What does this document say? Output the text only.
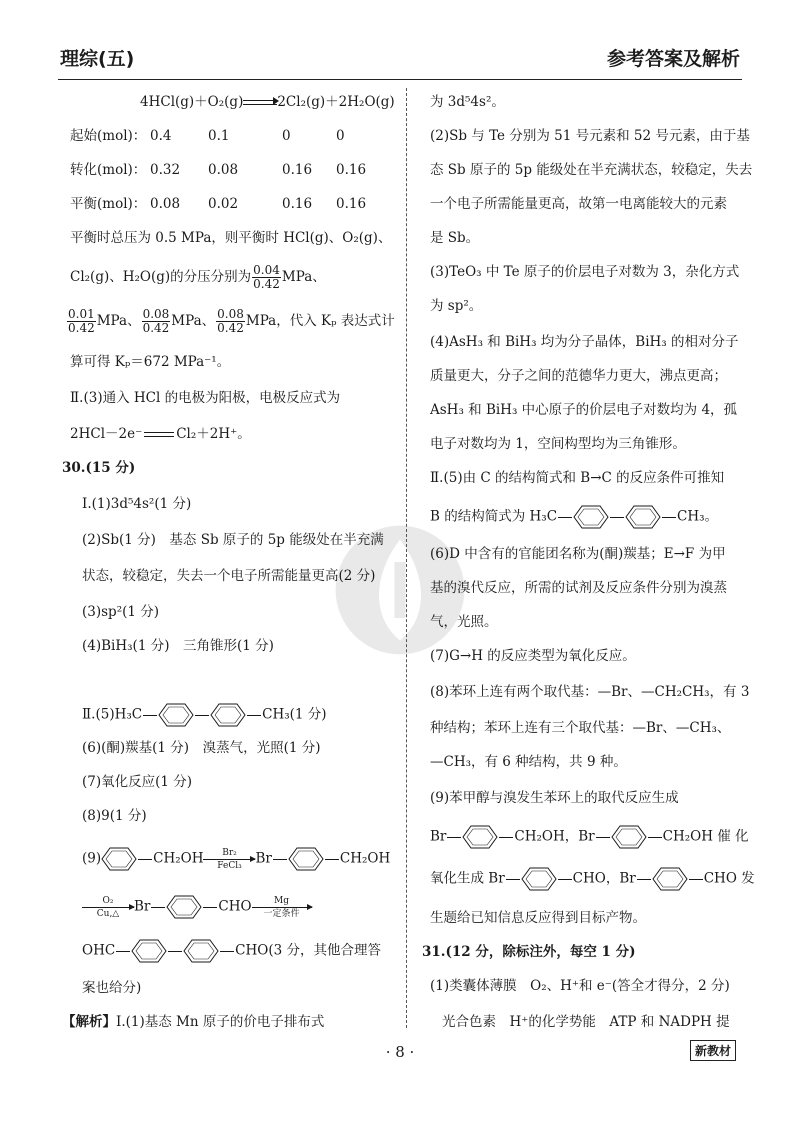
理综(五)	参考答案及解析
4HCl(g)＋O₂(g)→2Cl₂(g)＋2H₂O(g)
起始(mol)： 0.4	0.1	0	0
转化(mol)： 0.32 0.08	0.16 0.16
平衡(mol)： 0.08 0.02	0.16 0.16
平衡时总压为 0.5 MPa，则平衡时 HCl(g)、O₂(g)、
Cl₂(g)、H₂O(g)的分压分别为 $\frac{0.04}{0.42}$ MPa、
$\frac{0.01}{0.42}$ MPa、 $\frac{0.08}{0.42}$ MPa、 $\frac{0.08}{0.42}$ MPa，代入 Kₚ 表达式计
算可得 Kₚ＝672 MPa⁻¹。
Ⅱ.(3)通入 HCl 的电极为阳极，电极反应式为
2HCl－2e⁻	Cl₂＋2H⁺。
30.(15 分)
Ⅰ.(1)3d⁵4s²(1 分)
(2)Sb(1 分)　基态 Sb 原子的 5p 能级处在半充满
状态，较稳定，失去一个电子所需能量更高(2 分)
(3)sp²(1 分)
(4)BiH₃(1 分)　三角锥形(1 分)
Ⅱ.(5)H₃C	CH₃(1 分)
(6)(酮)羰基(1 分)　溴蒸气，光照(1 分)
(7)氧化反应(1 分)
(8)9(1 分)
(9)	CH₂OH	Br₂
FeCl₃	Br	CH₂OH
$\frac{\text{O₂}}{Cu,\triangle}$ Br	CHO	Mg
一定条件
OHC	CHO(3 分，其他合理答
案也给分)
【解析】Ⅰ.(1)基态 Mn 原子的价电子排布式
为 3d⁵4s²。
(2)Sb 与 Te 分别为 51 号元素和 52 号元素，由于基
态 Sb 原子的 5p 能级处在半充满状态，较稳定，失去
一个电子所需能量更高，故第一电离能较大的元素
是 Sb。
(3)TeO₃ 中 Te 原子的价层电子对数为 3，杂化方式
为 sp²。
(4)AsH₃ 和 BiH₃ 均为分子晶体，BiH₃ 的相对分子
质量更大，分子之间的范德华力更大，沸点更高；
AsH₃ 和 BiH₃ 中心原子的价层电子对数均为 4，孤
电子对数均为 1，空间构型均为三角锥形。
Ⅱ.(5)由 C 的结构简式和 B→C 的反应条件可推知
B 的结构简式为 H₃C	CH₃。
(6)D 中含有的官能团名称为(酮)羰基；E→F 为甲
基的溴代反应，所需的试剂及反应条件分别为溴蒸
气，光照。
(7)G→H 的反应类型为氧化反应。
(8)苯环上连有两个取代基：—Br、—CH₂CH₃，有 3
种结构；苯环上连有三个取代基：—Br、—CH₃、
—CH₃，有 6 种结构，共 9 种。
(9)苯甲醇与溴发生苯环上的取代反应生成
Br	CH₂OH，Br	CH₂OH 催 化
氧化生成 Br	CHO，Br	CHO 发
生题给已知信息反应得到目标产物。
31.(12 分，除标注外，每空 1 分)
(1)类囊体薄膜　O₂、H⁺和 e⁻(答全才得分，2 分)
光合色素　H⁺的化学势能　ATP 和 NADPH 提
· 8 ·	新教材
